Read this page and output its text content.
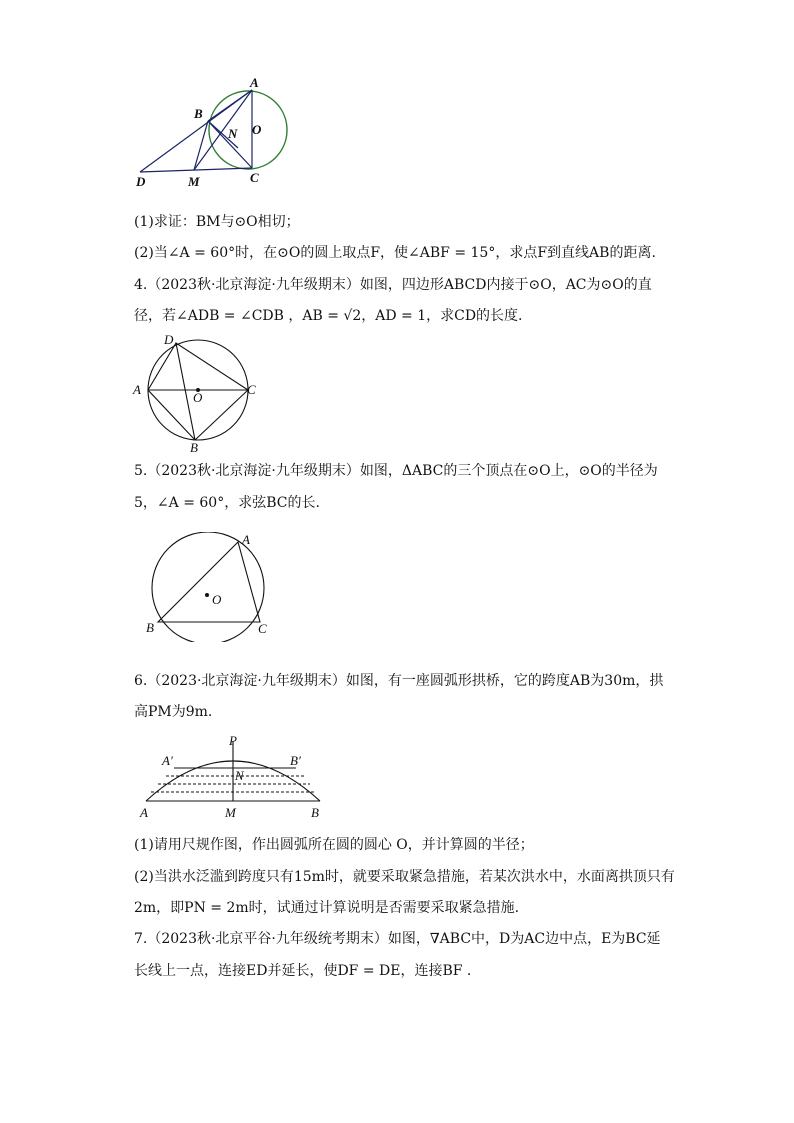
A
B
N O
D	M	C
(1)求证：BM与⊙O相切；
(2)当∠A = 60°时，在⊙O的圆上取点F，使∠ABF = 15°，求点F到直线AB的距离.
4.（2023秋·北京海淀·九年级期末）如图，四边形ABCD内接于⊙O，AC为⊙O的直
径，若∠ADB = ∠CDB ，AB = √2，AD = 1，求CD的长度.
A
D
C
B
O
5.（2023秋·北京海淀·九年级期末）如图，ΔABC的三个顶点在⊙O上，⊙O的半径为
5，∠A = 60°，求弦BC的长.
A
O
B	C
6.（2023·北京海淀·九年级期末）如图，有一座圆弧形拱桥，它的跨度AB为30m，拱
高PM为9m.
P
A′	B′
N
A	M	B
(1)请用尺规作图，作出圆弧所在圆的圆心 O，并计算圆的半径；
(2)当洪水泛滥到跨度只有15m时，就要采取紧急措施，若某次洪水中，水面离拱顶只有
2m，即PN = 2m时，试通过计算说明是否需要采取紧急措施.
7.（2023秋·北京平谷·九年级统考期末）如图，∇ABC中，D为AC边中点，E为BC延
长线上一点，连接ED并延长，使DF = DE，连接BF .
